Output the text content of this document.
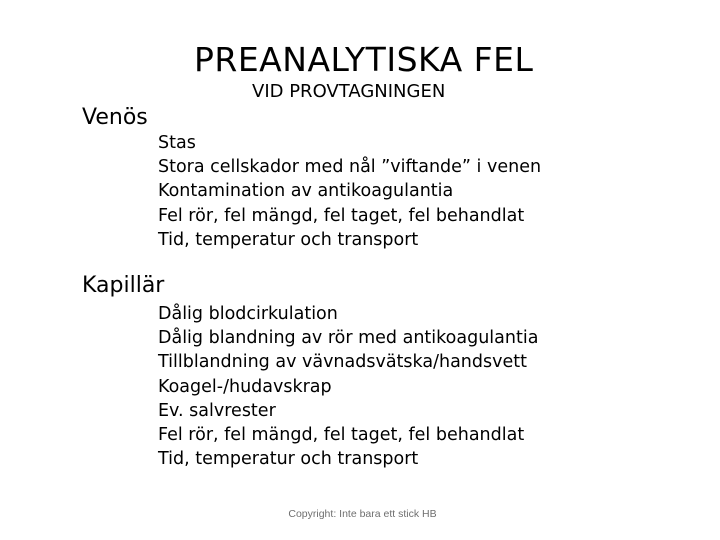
PREANALYTISKA FEL
VID PROVTAGNINGEN
Venös
Stas
Stora cellskador med nål ”viftande” i venen
Kontamination av antikoagulantia
Fel rör, fel mängd, fel taget, fel behandlat
Tid, temperatur och transport
Kapillär
Dålig blodcirkulation
Dålig blandning av rör med antikoagulantia
Tillblandning av vävnadsvätska/handsvett
Koagel-/hudavskrap
Ev. salvrester
Fel rör, fel mängd, fel taget, fel behandlat
Tid, temperatur och transport
Copyright: Inte bara ett stick HB
